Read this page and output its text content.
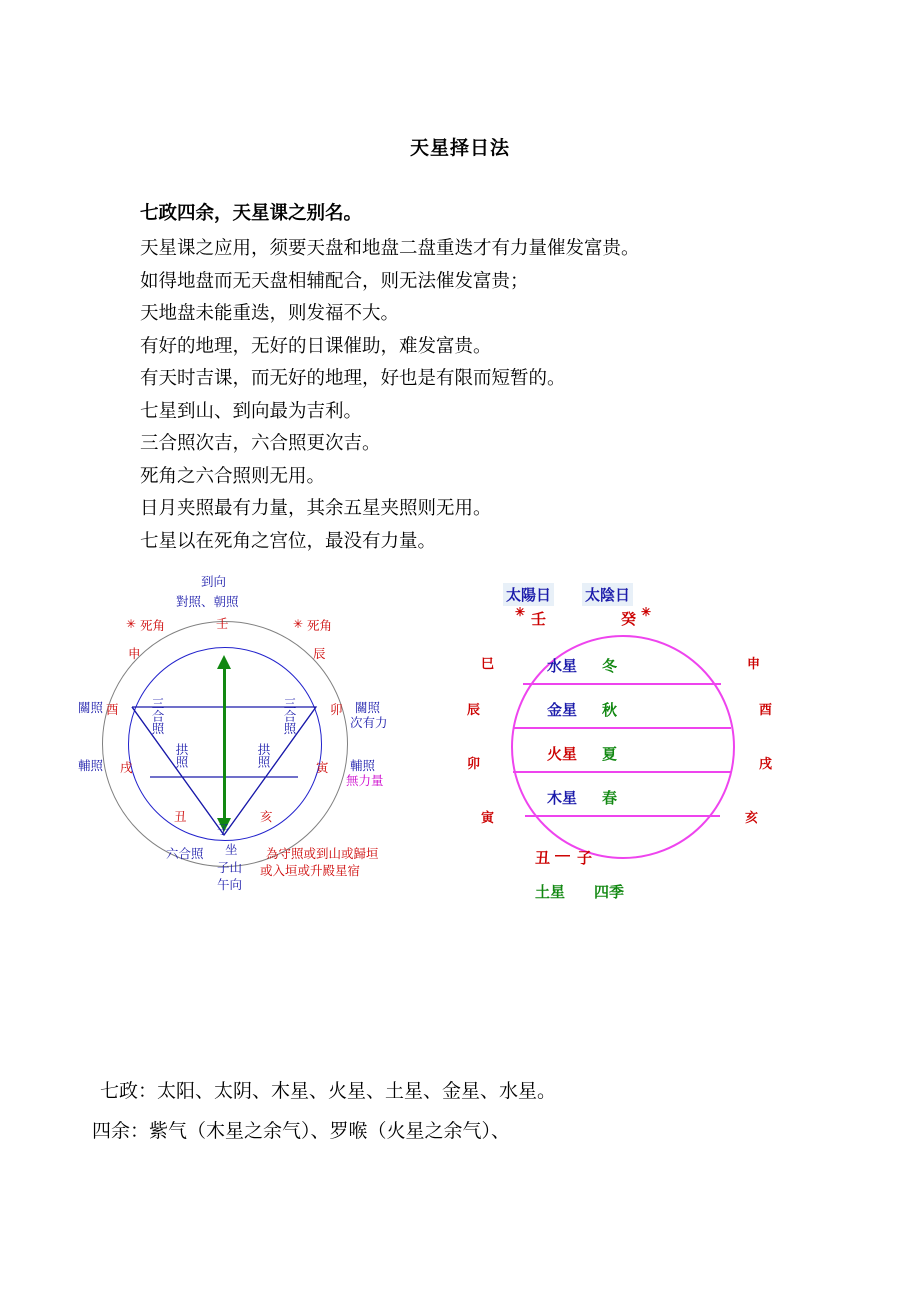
天星择日法
七政四余，天星课之别名。
天星课之应用，须要天盘和地盘二盘重迭才有力量催发富贵。
如得地盘而无天盘相辅配合，则无法催发富贵；
天地盘未能重迭，则发福不大。
有好的地理，无好的日课催助，难发富贵。
有天时吉课，而无好的地理，好也是有限而短暂的。
七星到山、到向最为吉利。
三合照次吉，六合照更次吉。
死角之六合照则无用。
日月夹照最有力量，其余五星夹照则无用。
七星以在死角之宫位，最没有力量。
到向
對照、朝照
死角	死角
✳	✳
壬
申
酉
戌
辰
卯
寅
丑	亥
子
關照
輔照
關照
次有力
輔照
無力量
三合照
拱照
三合照
拱照
六合照 坐
子山
午向
為守照或到山或歸垣
或入垣或升殿星宿
太陽日 太陰日
壬	癸
✳	✳
水星 冬
金星 秋
火星 夏
木星 春
土星 四季
巳
辰
卯
寅
申
酉
戌
亥
丑 — 子
七政：太阳、太阴、木星、火星、土星、金星、水星。
四余：紫气（木星之余气）、罗喉（火星之余气）、
